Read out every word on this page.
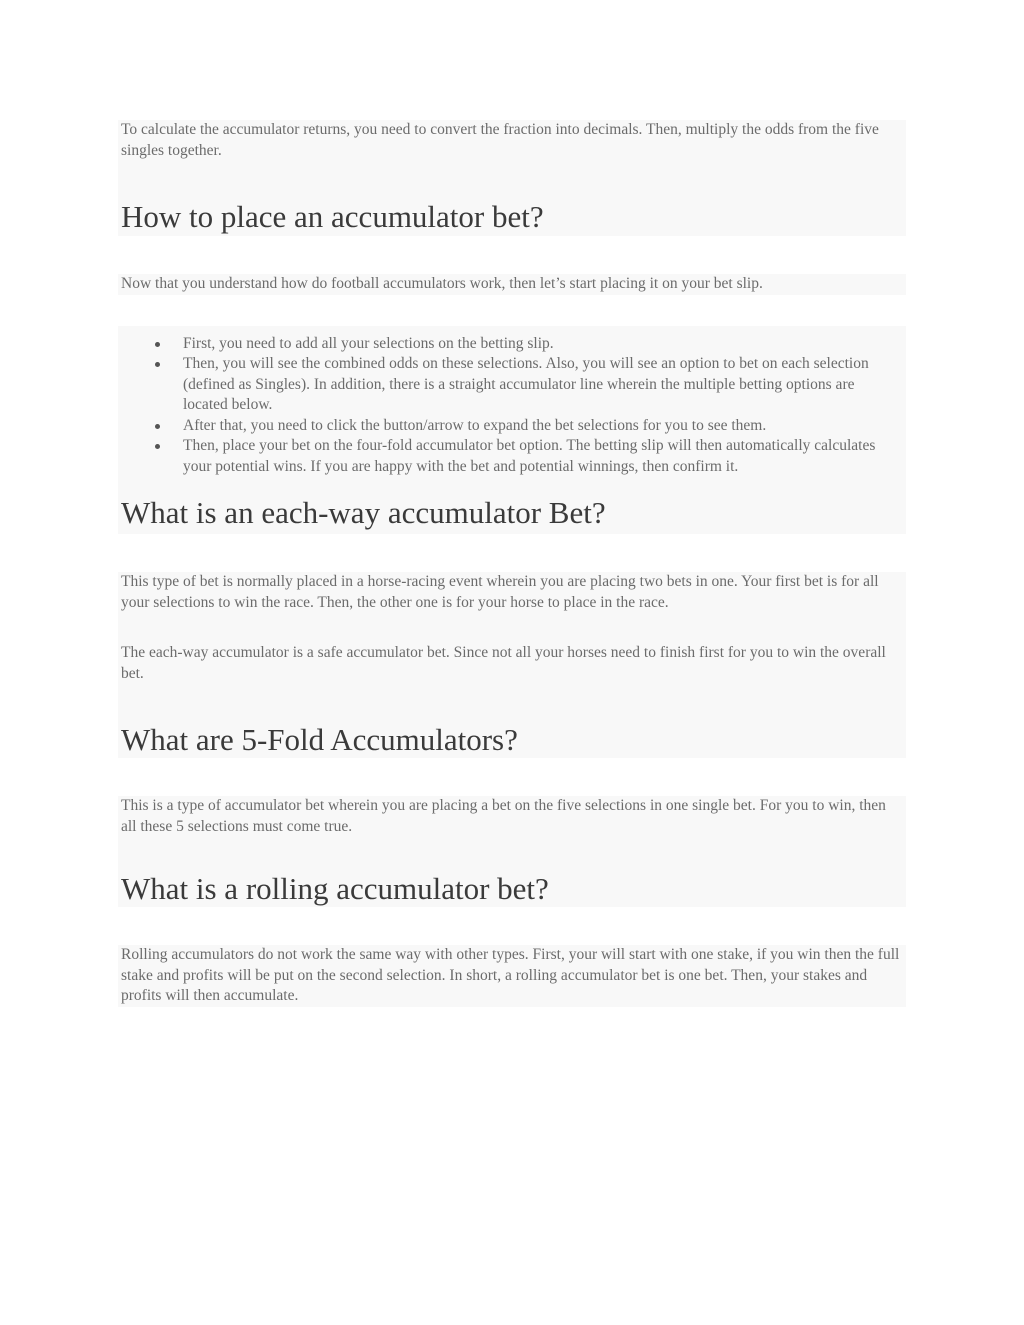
To calculate the accumulator returns, you need to convert the fraction into decimals. Then, multiply the odds from the five singles together.

How to place an accumulator bet?

Now that you understand how do football accumulators work, then let’s start placing it on your bet slip.

First, you need to add all your selections on the betting slip.
Then, you will see the combined odds on these selections. Also, you will see an option to bet on each selection (defined as Singles). In addition, there is a straight accumulator line wherein the multiple betting options are located below.
After that, you need to click the button/arrow to expand the bet selections for you to see them.
Then, place your bet on the four-fold accumulator bet option. The betting slip will then automatically calculates your potential wins. If you are happy with the bet and potential winnings, then confirm it.
What is an each-way accumulator Bet?

This type of bet is normally placed in a horse-racing event wherein you are placing two bets in one. Your first bet is for all your selections to win the race. Then, the other one is for your horse to place in the race.

The each-way accumulator is a safe accumulator bet. Since not all your horses need to finish first for you to win the overall bet.

What are 5-Fold Accumulators?

This is a type of accumulator bet wherein you are placing a bet on the five selections in one single bet. For you to win, then all these 5 selections must come true.

What is a rolling accumulator bet?

Rolling accumulators do not work the same way with other types. First, your will start with one stake, if you win then the full stake and profits will be put on the second selection. In short, a rolling accumulator bet is one bet. Then, your stakes and profits will then accumulate.
